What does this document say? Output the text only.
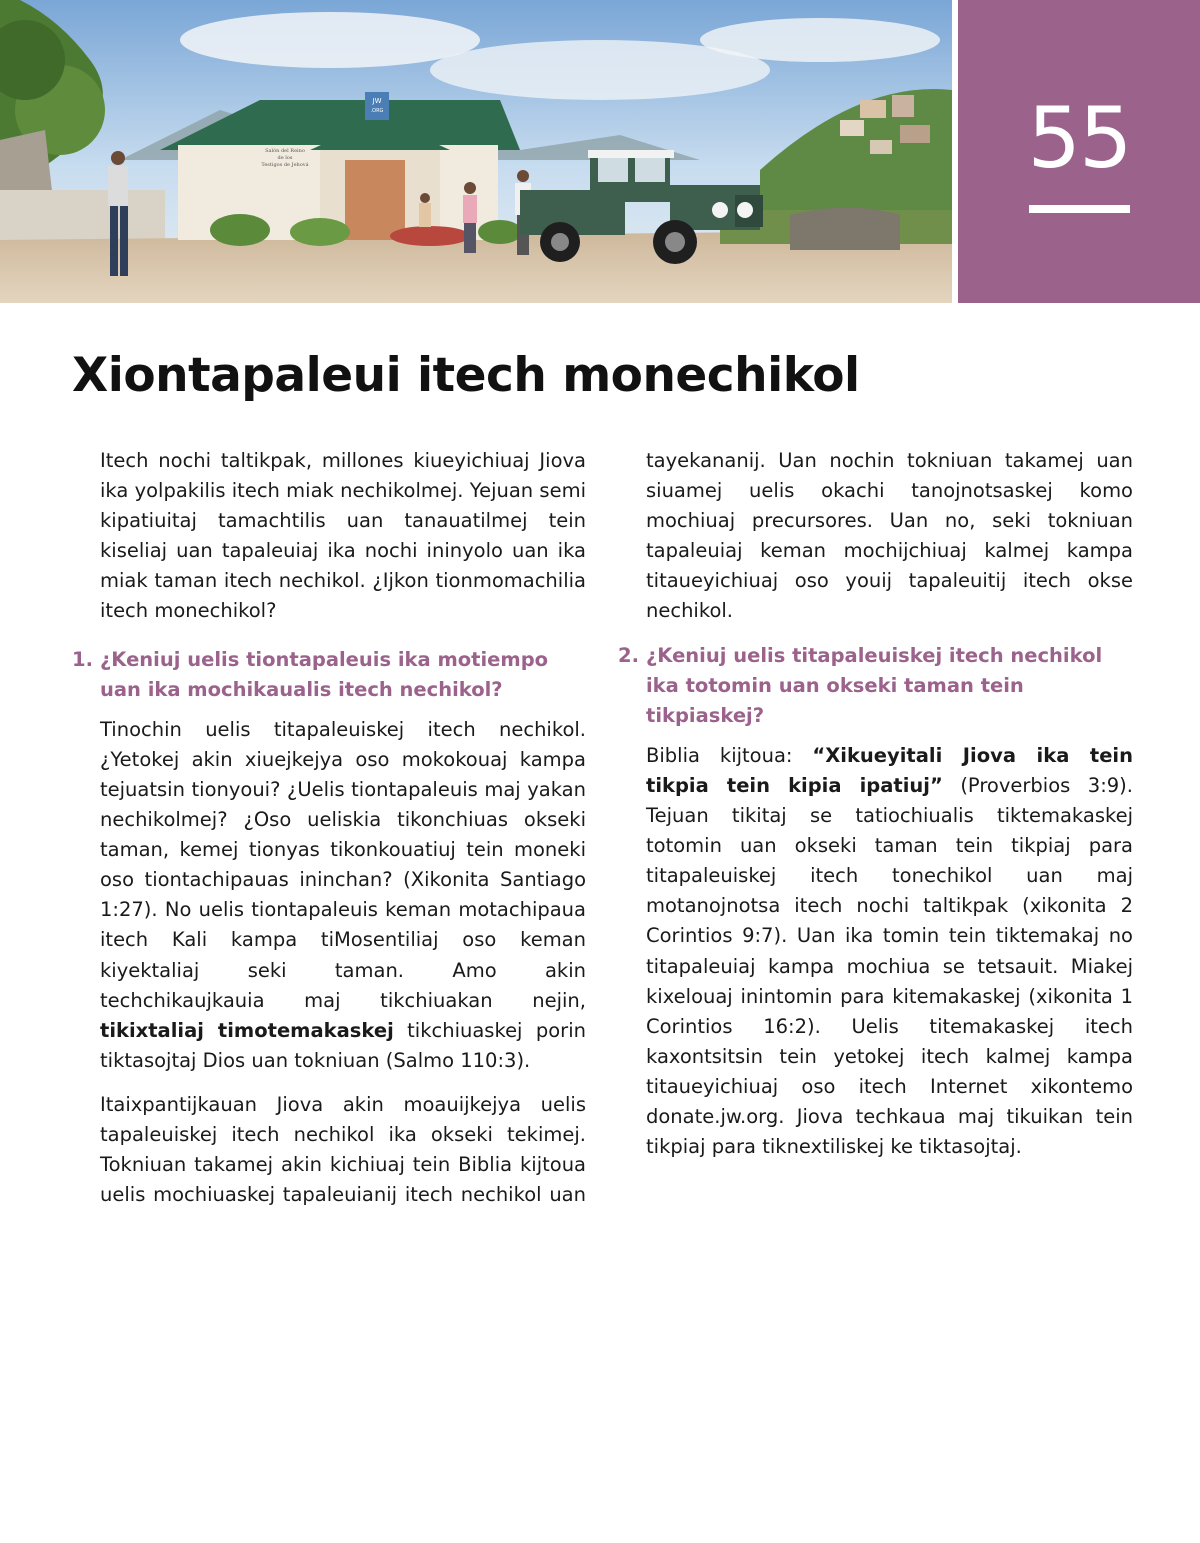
JW
.ORG
Salón del Reino
de los
Testigos de Jehová	55
Xiontapaleui itech monechikol

Itech nochi taltikpak, millones kiueyichiuaj Jiova ika yolpakilis itech miak nechikolmej. Yejuan semi kipatiuitaj tamachtilis uan tanauatilmej tein kiseliaj uan tapaleuiaj ika nochi ininyolo uan ika miak taman itech nechikol. ¿Ijkon tionmomachilia itech monechikol?

1. ¿Keniuj uelis tiontapaleuis ika motiempo uan ika mochikaualis itech nechikol?

Tinochin uelis titapaleuiskej itech nechikol. ¿Yetokej akin xiuejkejya oso mokokouaj kampa tejuatsin tionyoui? ¿Uelis tiontapaleuis maj yakan nechikolmej? ¿Oso ueliskia tikonchiuas okseki taman, kemej tionyas tikonkouatiuj tein moneki oso tiontachipauas ininchan? (Xikonita Santiago 1:27). No uelis tiontapaleuis keman motachipaua itech Kali kampa tiMosentiliaj oso keman kiyektaliaj seki taman. Amo akin techchikaujkauia maj tikchiuakan nejin, tikixtaliaj timotemakaskej tikchiuaskej porin tiktasojtaj Dios uan tokniuan (Salmo 110:3).

Itaixpantijkauan Jiova akin moauijkejya uelis tapaleuiskej itech nechikol ika okseki tekimej. Tokniuan takamej akin kichiuaj tein Biblia kijtoua uelis mochiuaskej tapaleuianij itech nechikol uan

tayekananij. Uan nochin tokniuan takamej uan siuamej uelis okachi tanojnotsaskej komo mochiuaj precursores. Uan no, seki tokniuan tapaleuiaj keman mochijchiuaj kalmej kampa titaueyichiuaj oso youij tapaleuitij itech okse nechikol.

2. ¿Keniuj uelis titapaleuiskej itech nechikol ika totomin uan okseki taman tein tikpiaskej?

Biblia kijtoua: “Xikueyitali Jiova ika tein tikpia tein kipia ipatiuj” (Proverbios 3:9). Tejuan tikitaj se tatiochiualis tiktemakaskej totomin uan okseki taman tein tikpiaj para titapaleuiskej itech tonechikol uan maj motanojnotsa itech nochi taltikpak (xikonita 2 Corintios 9:7). Uan ika tomin tein tiktemakaj no titapaleuiaj kampa mochiua se tetsauit. Miakej kixelouaj inintomin para kitemakaskej (xikonita 1 Corintios 16:2). Uelis titemakaskej itech kaxontsitsin tein yetokej itech kalmej kampa titaueyichiuaj oso itech Internet xikontemo donate.jw.org. Jiova techkaua maj tikuikan tein tikpiaj para tiknextiliskej ke tiktasojtaj.
